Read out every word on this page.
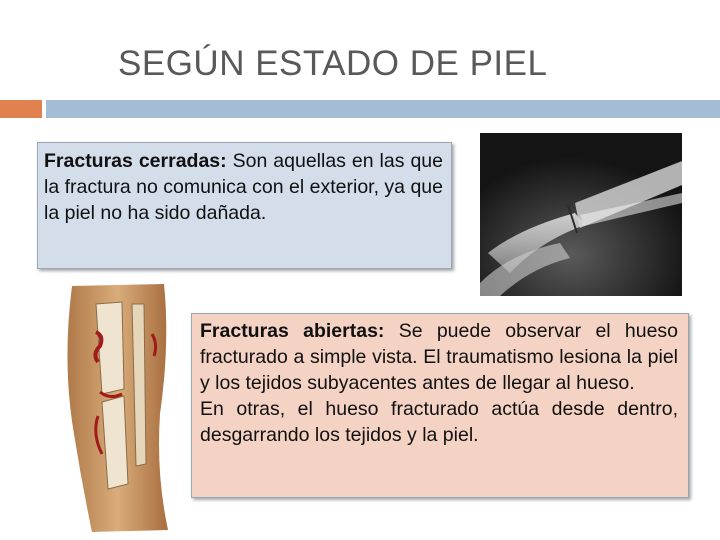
SEGÚN ESTADO DE PIEL

Fracturas cerradas: Son aquellas en las que la fractura no comunica con el exterior, ya que la piel no ha sido dañada.

Fracturas abiertas: Se puede observar el hueso fracturado a simple vista. El traumatismo lesiona la piel y los tejidos subyacentes antes de llegar al hueso.

En otras, el hueso fracturado actúa desde dentro, desgarrando los tejidos y la piel.
